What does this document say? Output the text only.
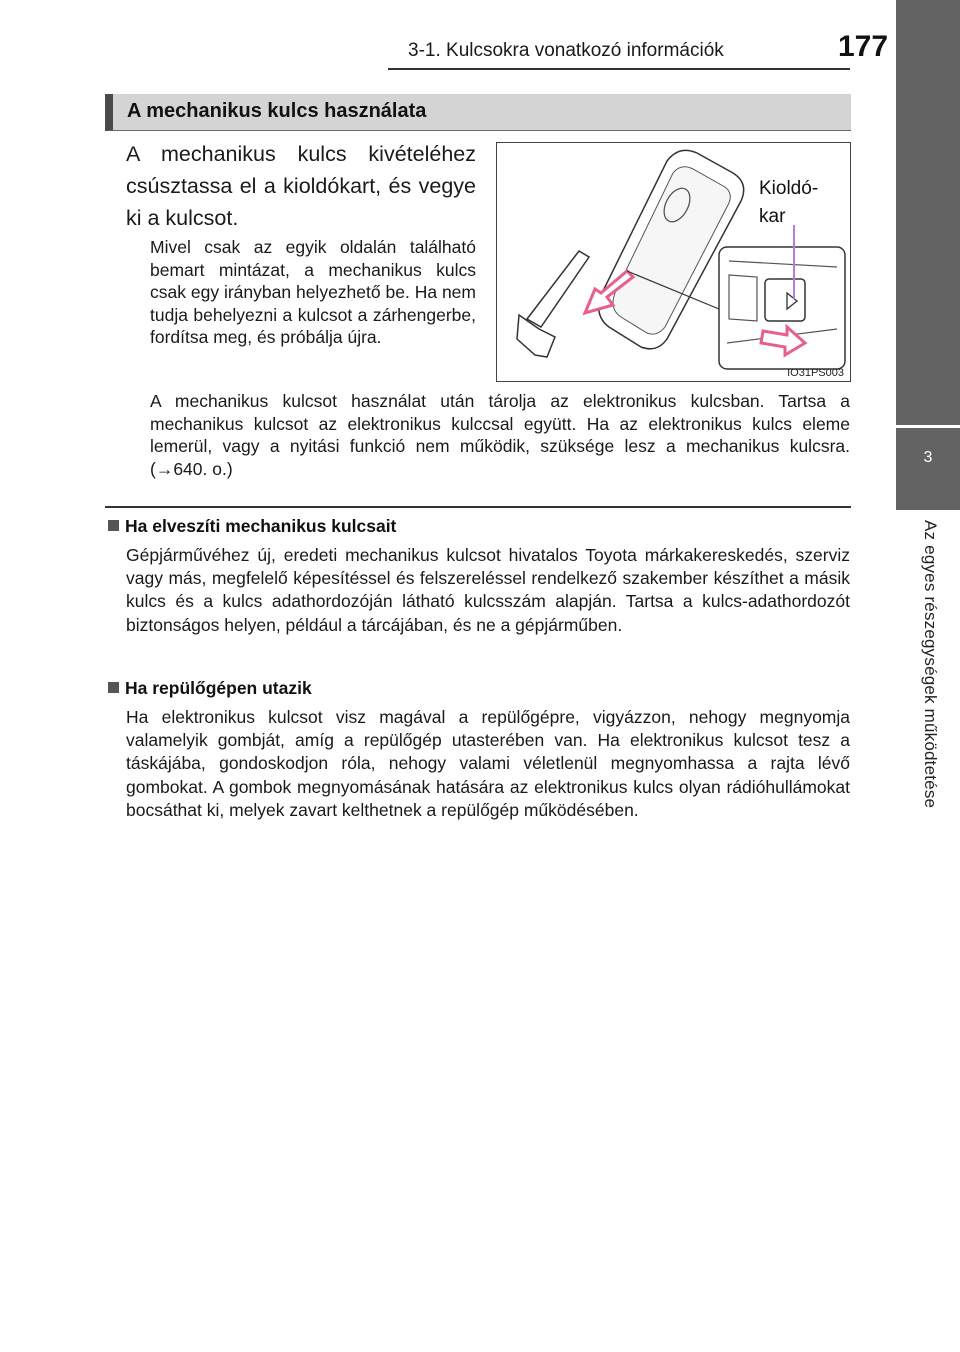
3-1. Kulcsokra vonatkozó információk	177
3
Az egyes részegységek működtetése
A mechanikus kulcs használata
A mechanikus kulcs kivételéhez csúsztassa el a kioldókart, és vegye ki a kulcsot.
Mivel csak az egyik oldalán található bemart mintázat, a mechanikus kulcs csak egy irányban helyezhető be. Ha nem tudja behelyezni a kulcsot a zárhengerbe, fordítsa meg, és próbálja újra.
A mechanikus kulcsot használat után tárolja az elektronikus kulcsban. Tartsa a mechanikus kulcsot az elektronikus kulccsal együtt. Ha az elektronikus kulcs eleme lemerül, vagy a nyitási funkció nem működik, szüksége lesz a mechanikus kulcsra. (→640. o.)
Kioldó-
kar
IO31PS003
Ha elveszíti mechanikus kulcsait
Gépjárművéhez új, eredeti mechanikus kulcsot hivatalos Toyota márkakereskedés, szerviz vagy más, megfelelő képesítéssel és felszereléssel rendelkező szakember készíthet a másik kulcs és a kulcs adathordozóján látható kulcsszám alapján. Tartsa a kulcs-adathordozót biztonságos helyen, például a tárcájában, és ne a gépjárműben.
Ha repülőgépen utazik
Ha elektronikus kulcsot visz magával a repülőgépre, vigyázzon, nehogy megnyomja valamelyik gombját, amíg a repülőgép utasterében van. Ha elektronikus kulcsot tesz a táskájába, gondoskodjon róla, nehogy valami véletlenül megnyomhassa a rajta lévő gombokat. A gombok megnyomásának hatására az elektronikus kulcs olyan rádióhullámokat bocsáthat ki, melyek zavart kelthetnek a repülőgép működésében.
